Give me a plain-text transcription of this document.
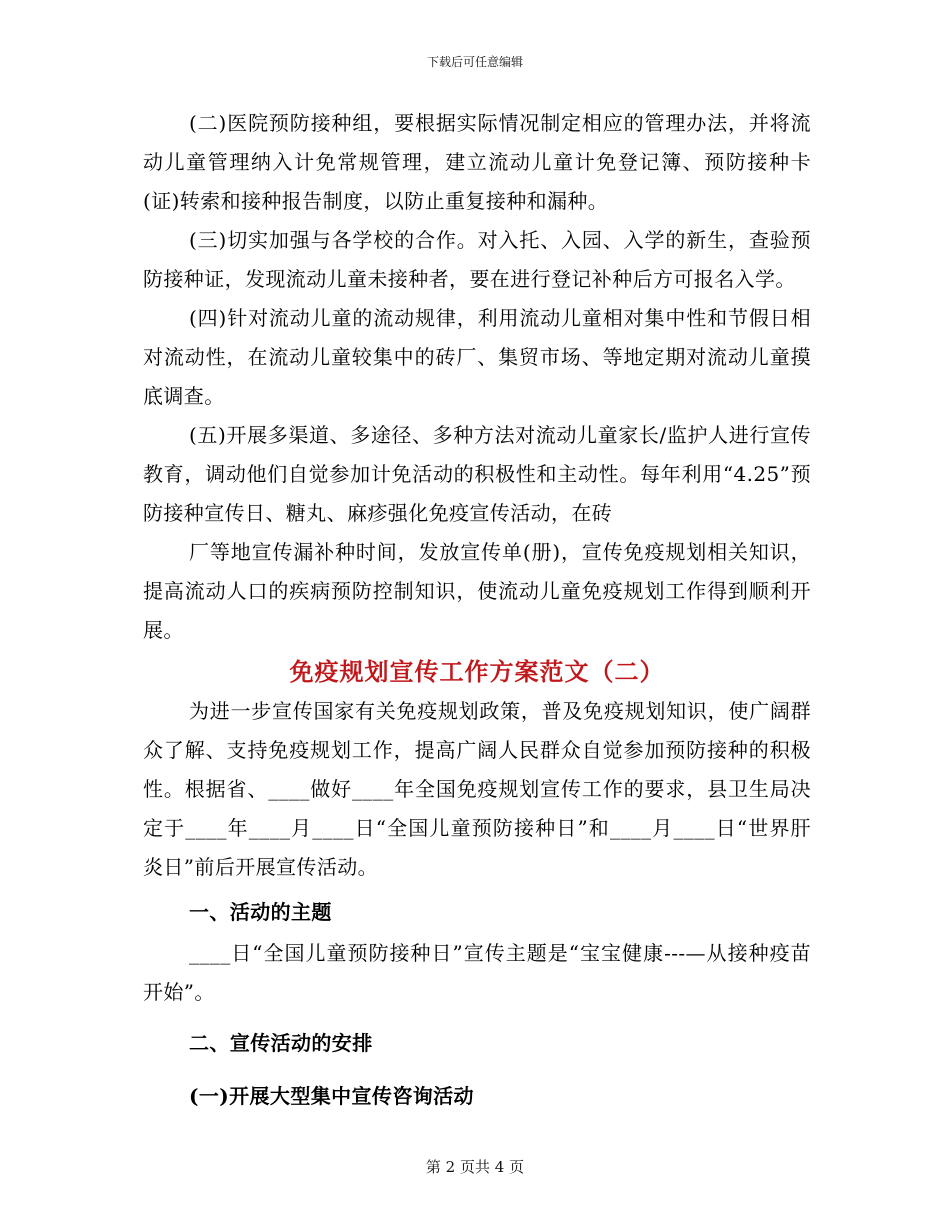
下载后可任意编辑

(二)医院预防接种组，要根据实际情况制定相应的管理办法，并将流动儿童管理纳入计免常规管理，建立流动儿童计免登记簿、预防接种卡(证)转索和接种报告制度，以防止重复接种和漏种。

(三)切实加强与各学校的合作。对入托、入园、入学的新生，查验预防接种证，发现流动儿童未接种者，要在进行登记补种后方可报名入学。

(四)针对流动儿童的流动规律，利用流动儿童相对集中性和节假日相对流动性，在流动儿童较集中的砖厂、集贸市场、等地定期对流动儿童摸底调查。

(五)开展多渠道、多途径、多种方法对流动儿童家长/监护人进行宣传教育，调动他们自觉参加计免活动的积极性和主动性。每年利用“4.25”预防接种宣传日、糖丸、麻疹强化免疫宣传活动，在砖

厂等地宣传漏补种时间，发放宣传单(册)，宣传免疫规划相关知识，提高流动人口的疾病预防控制知识，使流动儿童免疫规划工作得到顺利开展。

免疫规划宣传工作方案范文（二）

为进一步宣传国家有关免疫规划政策，普及免疫规划知识，使广阔群众了解、支持免疫规划工作，提高广阔人民群众自觉参加预防接种的积极性。根据省、____做好____年全国免疫规划宣传工作的要求，县卫生局决定于____年____月____日“全国儿童预防接种日”和____月____日“世界肝炎日”前后开展宣传活动。

一、活动的主题

____日“全国儿童预防接种日”宣传主题是“宝宝健康---—从接种疫苗开始”。

二、宣传活动的安排
(一)开展大型集中宣传咨询活动
第 2 页共 4 页
